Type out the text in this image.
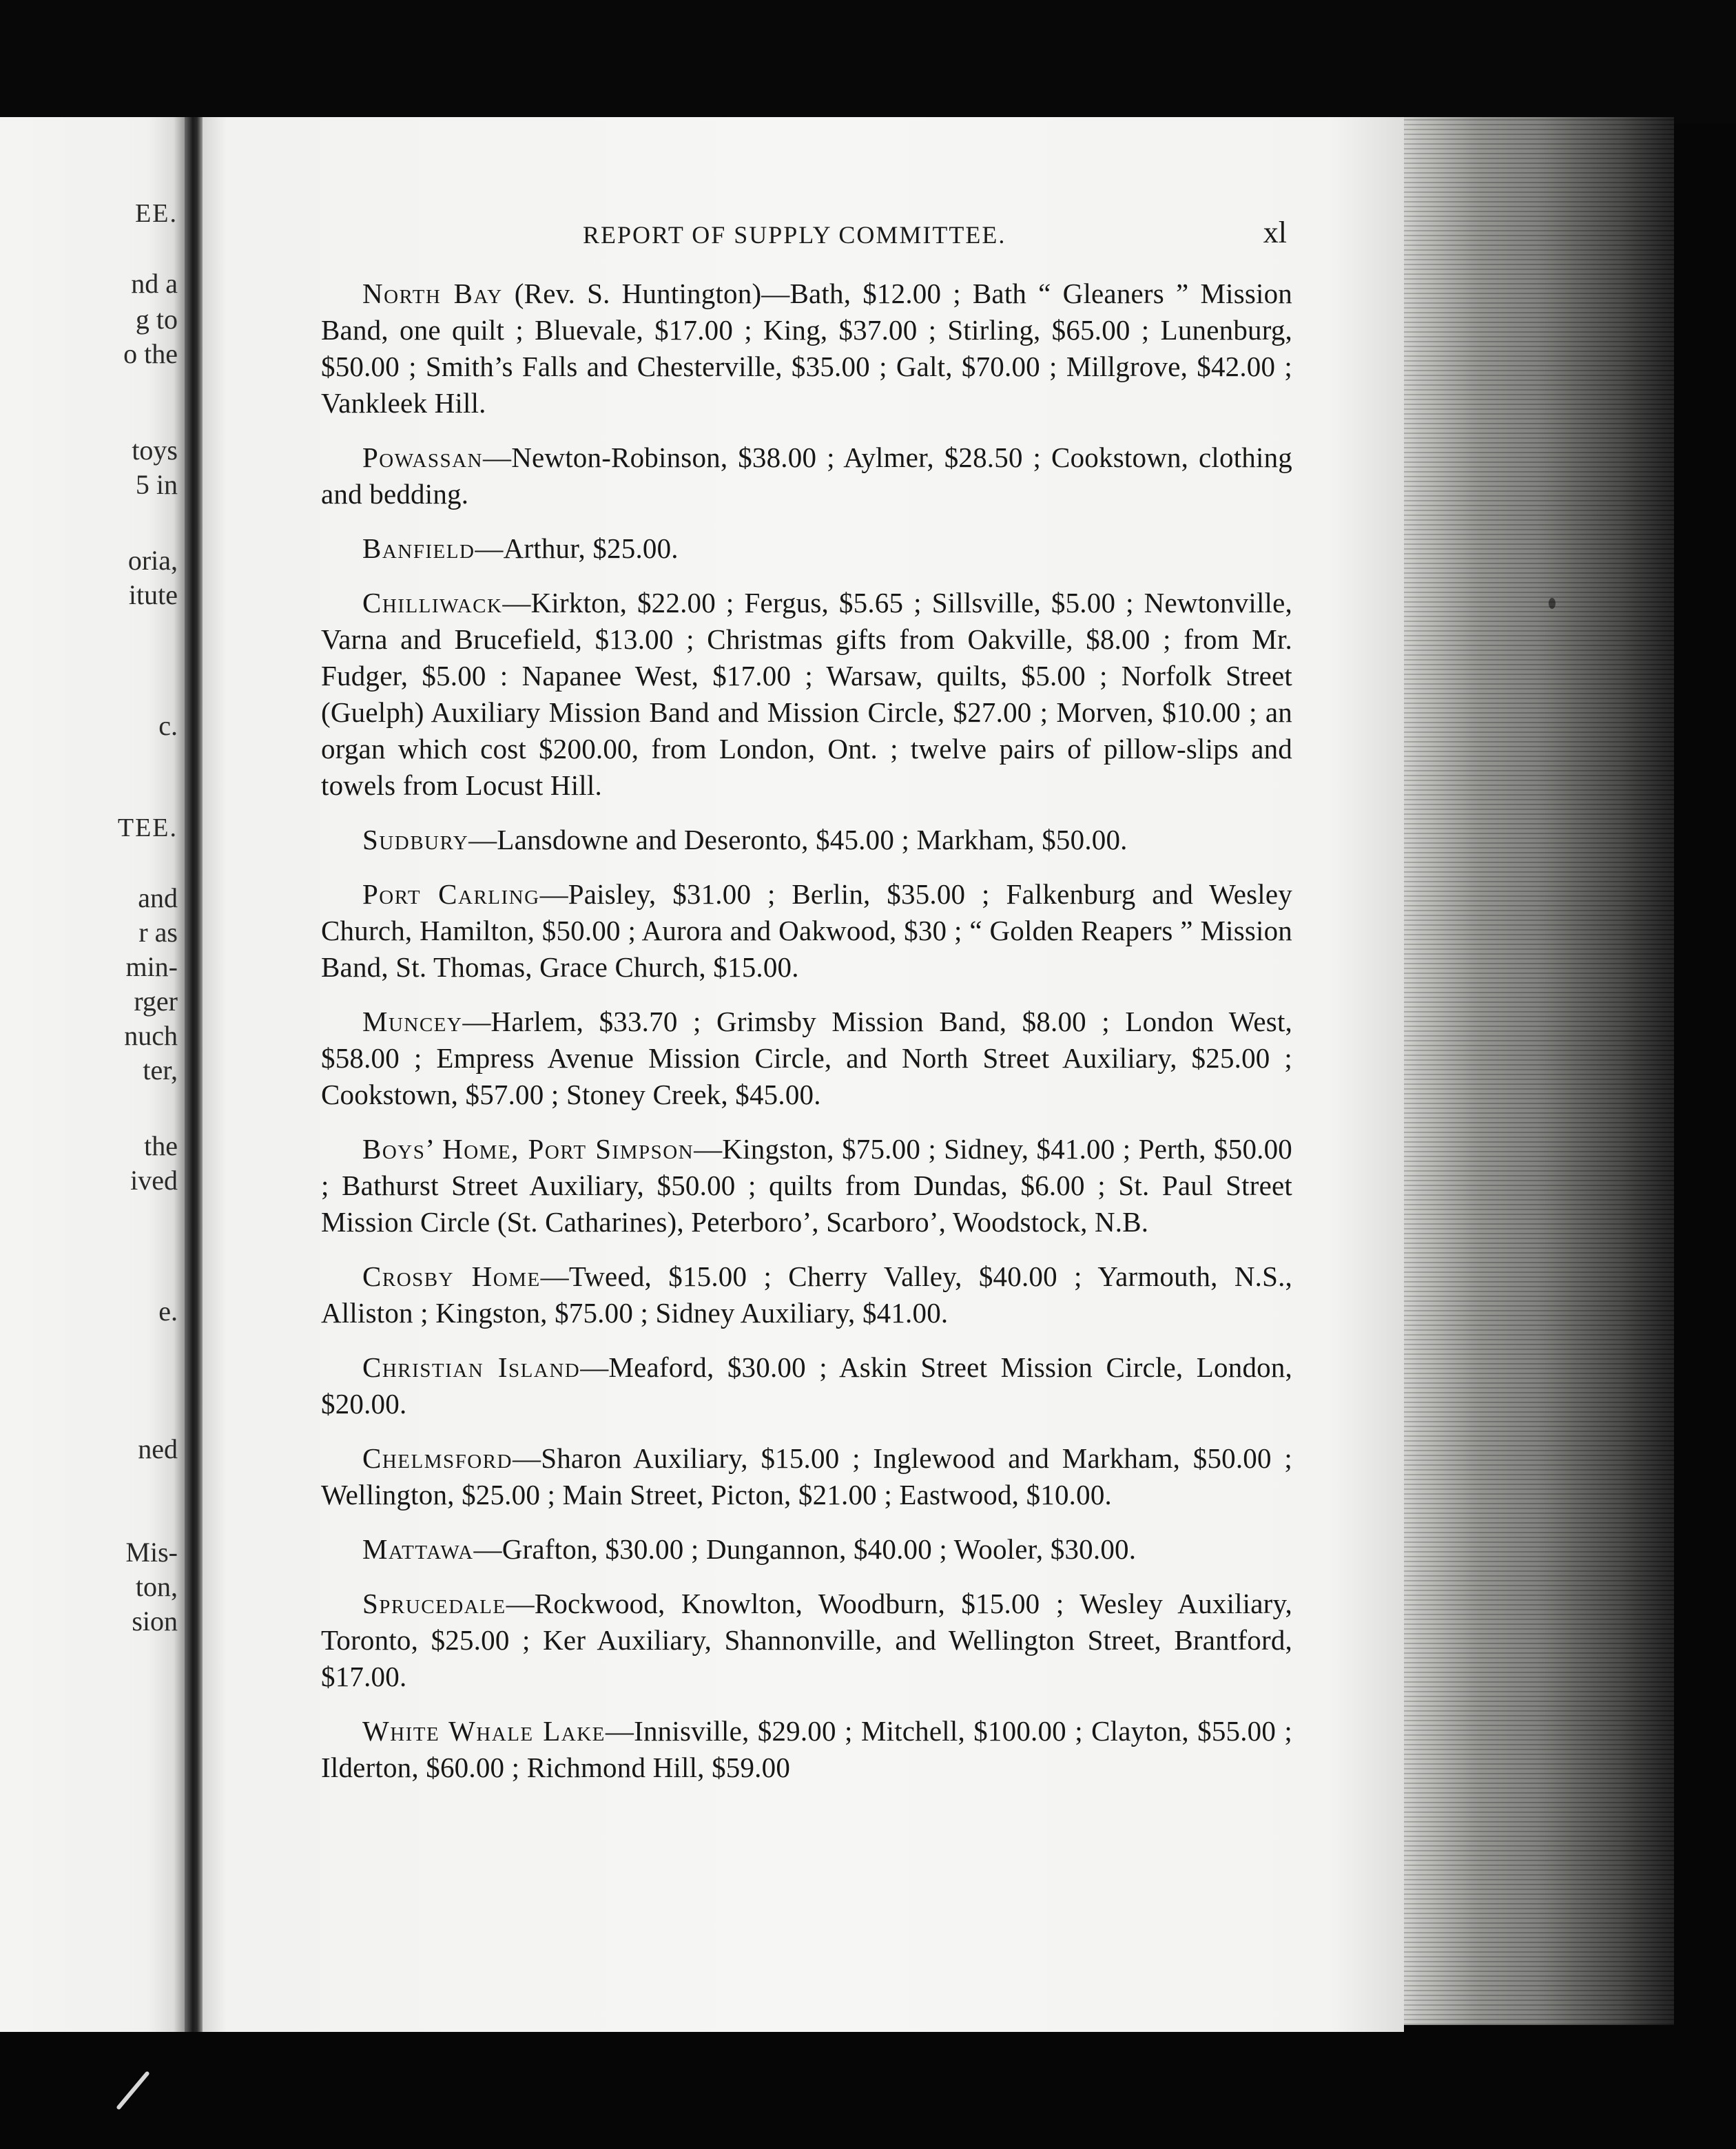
EE.
nd a
g to
o the
toys
5 in
oria,
itute
c.
TEE.
and
r as
min-
rger
nuch
ter,
the
ived
e.
ned
Mis-
ton,
sion
REPORT OF SUPPLY COMMITTEE.	xl

North Bay (Rev. S. Huntington)—Bath, $12.00 ; Bath “ Gleaners ” Mission Band, one quilt ; Bluevale, $17.00 ; King, $37.00 ; Stirling, $65.00 ; Lunenburg, $50.00 ; Smith’s Falls and Chesterville, $35.00 ; Galt, $70.00 ; Millgrove, $42.00 ; Vankleek Hill.

Powassan—Newton-Robinson, $38.00 ; Aylmer, $28.50 ; Cookstown, clothing and bedding.

Banfield—Arthur, $25.00.

Chilliwack—Kirkton, $22.00 ; Fergus, $5.65 ; Sillsville, $5.00 ; Newtonville, Varna and Brucefield, $13.00 ; Christmas gifts from Oakville, $8.00 ; from Mr. Fudger, $5.00 : Napanee West, $17.00 ; Warsaw, quilts, $5.00 ; Norfolk Street (Guelph) Auxiliary Mission Band and Mission Circle, $27.00 ; Morven, $10.00 ; an organ which cost $200.00, from London, Ont. ; twelve pairs of pillow-slips and towels from Locust Hill.

Sudbury—Lansdowne and Deseronto, $45.00 ; Markham, $50.00.

Port Carling—Paisley, $31.00 ; Berlin, $35.00 ; Falkenburg and Wesley Church, Hamilton, $50.00 ; Aurora and Oakwood, $30 ; “ Golden Reapers ” Mission Band, St. Thomas, Grace Church, $15.00.

Muncey—Harlem, $33.70 ; Grimsby Mission Band, $8.00 ; London West, $58.00 ; Empress Avenue Mission Circle, and North Street Auxiliary, $25.00 ; Cookstown, $57.00 ; Stoney Creek, $45.00.

Boys’ Home, Port Simpson—Kingston, $75.00 ; Sidney, $41.00 ; Perth, $50.00 ; Bathurst Street Auxiliary, $50.00 ; quilts from Dundas, $6.00 ; St. Paul Street Mission Circle (St. Catharines), Peterboro’, Scarboro’, Woodstock, N.B.

Crosby Home—Tweed, $15.00 ; Cherry Valley, $40.00 ; Yarmouth, N.S., Alliston ; Kingston, $75.00 ; Sidney Auxiliary, $41.00.

Christian Island—Meaford, $30.00 ; Askin Street Mission Circle, London, $20.00.

Chelmsford—Sharon Auxiliary, $15.00 ; Inglewood and Markham, $50.00 ; Wellington, $25.00 ; Main Street, Picton, $21.00 ; Eastwood, $10.00.

Mattawa—Grafton, $30.00 ; Dungannon, $40.00 ; Wooler, $30.00.

Sprucedale—Rockwood, Knowlton, Woodburn, $15.00 ; Wesley Auxiliary, Toronto, $25.00 ; Ker Auxiliary, Shannonville, and Wellington Street, Brantford, $17.00.

White Whale Lake—Innisville, $29.00 ; Mitchell, $100.00 ; Clayton, $55.00 ; Ilderton, $60.00 ; Richmond Hill, $59.00
